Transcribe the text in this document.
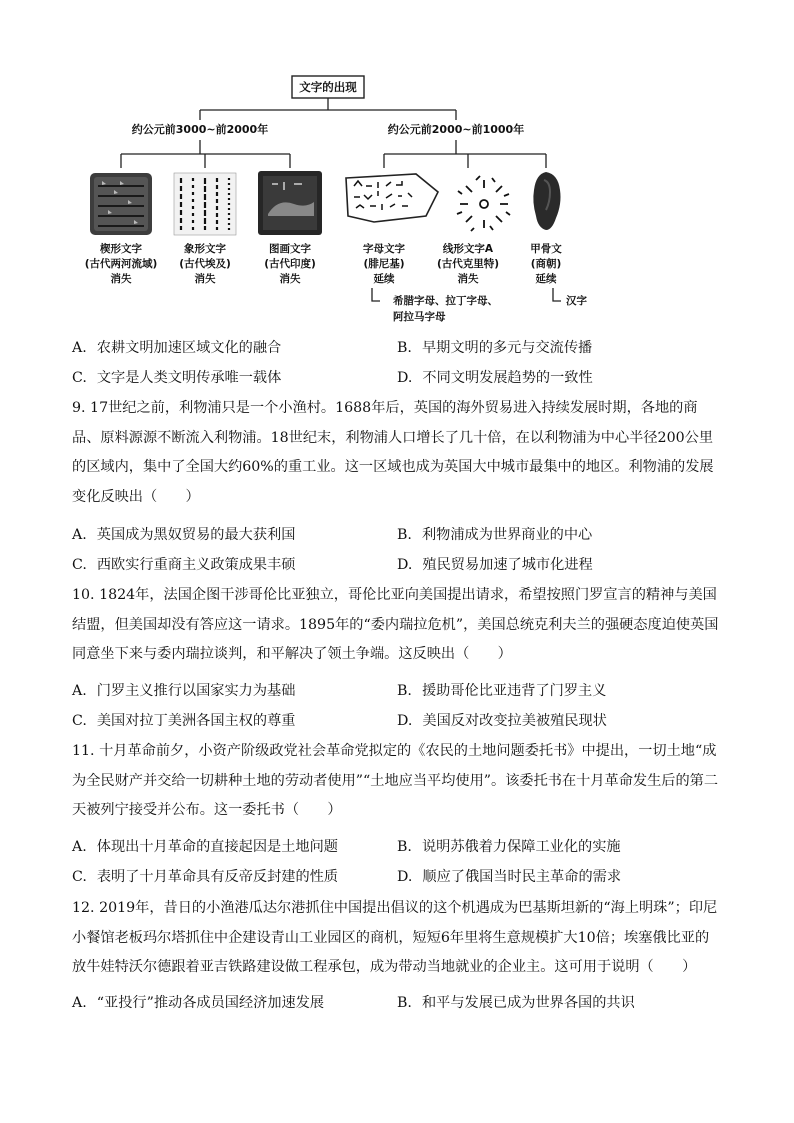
文字的出现
约公元前3000~前2000年	约公元前2000~前1000年
楔形文字
(古代两河流域)
消失
象形文字
(古代埃及)
消失
图画文字
(古代印度)
消失
字母文字
(腓尼基)
延续
线形文字A
(古代克里特)
消失
甲骨文
(商朝)
延续
希腊字母、拉丁字母、
阿拉马字母
汉字
A. 农耕文明加速区域文化的融合	B. 早期文明的多元与交流传播
C. 文字是人类文明传承唯一载体	D. 不同文明发展趋势的一致性

9. 17世纪之前，利物浦只是一个小渔村。1688年后，英国的海外贸易进入持续发展时期，各地的商品、原料源源不断流入利物浦。18世纪末，利物浦人口增长了几十倍，在以利物浦为中心半径200公里的区域内，集中了全国大约60%的重工业。这一区域也成为英国大中城市最集中的地区。利物浦的发展变化反映出（　　）

A. 英国成为黑奴贸易的最大获利国	B. 利物浦成为世界商业的中心
C. 西欧实行重商主义政策成果丰硕	D. 殖民贸易加速了城市化进程

10. 1824年，法国企图干涉哥伦比亚独立，哥伦比亚向美国提出请求，希望按照门罗宣言的精神与美国结盟，但美国却没有答应这一请求。1895年的“委内瑞拉危机”，美国总统克利夫兰的强硬态度迫使英国同意坐下来与委内瑞拉谈判，和平解决了领土争端。这反映出（　　）

A. 门罗主义推行以国家实力为基础	B. 援助哥伦比亚违背了门罗主义
C. 美国对拉丁美洲各国主权的尊重	D. 美国反对改变拉美被殖民现状

11. 十月革命前夕，小资产阶级政党社会革命党拟定的《农民的土地问题委托书》中提出，一切土地“成为全民财产并交给一切耕种土地的劳动者使用”“土地应当平均使用”。该委托书在十月革命发生后的第二天被列宁接受并公布。这一委托书（　　）

A. 体现出十月革命的直接起因是土地问题	B. 说明苏俄着力保障工业化的实施
C. 表明了十月革命具有反帝反封建的性质	D. 顺应了俄国当时民主革命的需求

12. 2019年，昔日的小渔港瓜达尔港抓住中国提出倡议的这个机遇成为巴基斯坦新的“海上明珠”；印尼小餐馆老板玛尔塔抓住中企建设青山工业园区的商机，短短6年里将生意规模扩大10倍；埃塞俄比亚的放牛娃特沃尔德跟着亚吉铁路建设做工程承包，成为带动当地就业的企业主。这可用于说明（　　）

A. “亚投行”推动各成员国经济加速发展	B. 和平与发展已成为世界各国的共识
